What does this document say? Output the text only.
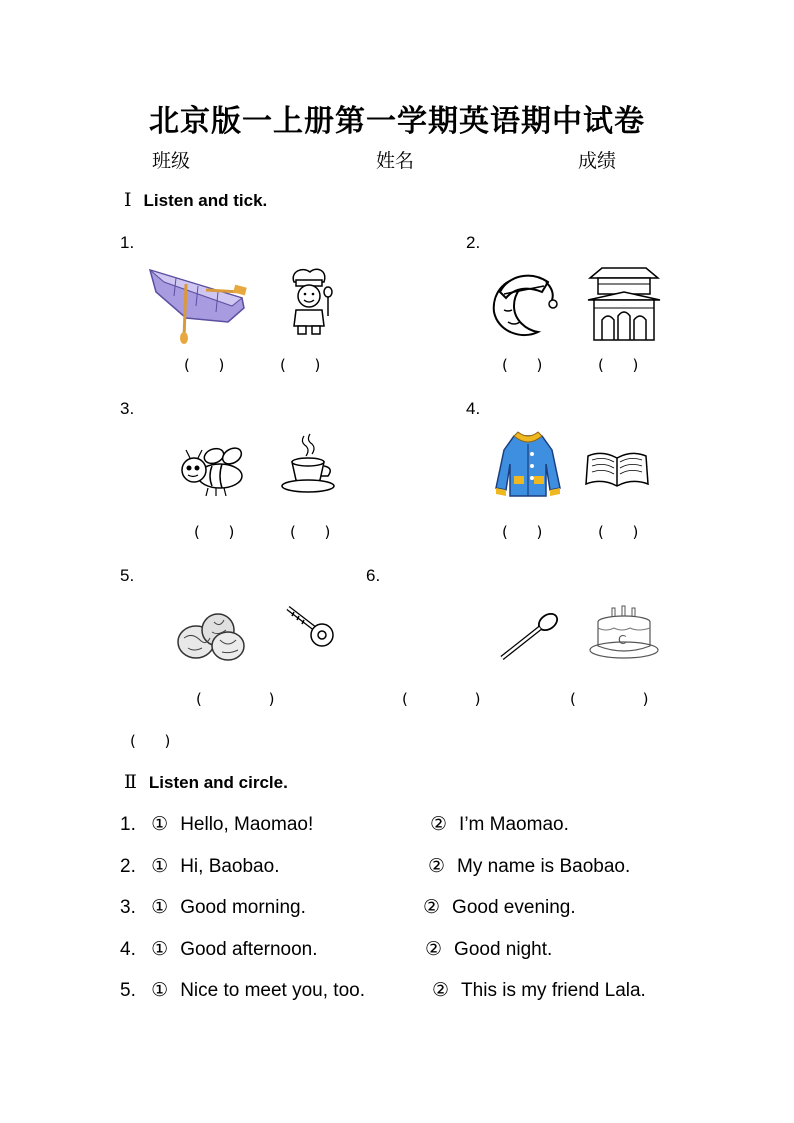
北京版一上册第一学期英语期中试卷
班级	姓名	成绩
Ⅰ Listen and tick.
1.	2.
3.	4.
5.	6.
C
(      )	(      )	(      )	(      )
(      )	(      )	(      )	(      )
(              )	(              )	(              )
(      )
Ⅱ Listen and circle.
1. ① Hello, Maomao!	② I’m Maomao.
2. ① Hi, Baobao.	② My name is Baobao.
3. ① Good morning.	② Good evening.
4. ① Good afternoon.	② Good night.
5. ① Nice to meet you, too.	② This is my friend Lala.
